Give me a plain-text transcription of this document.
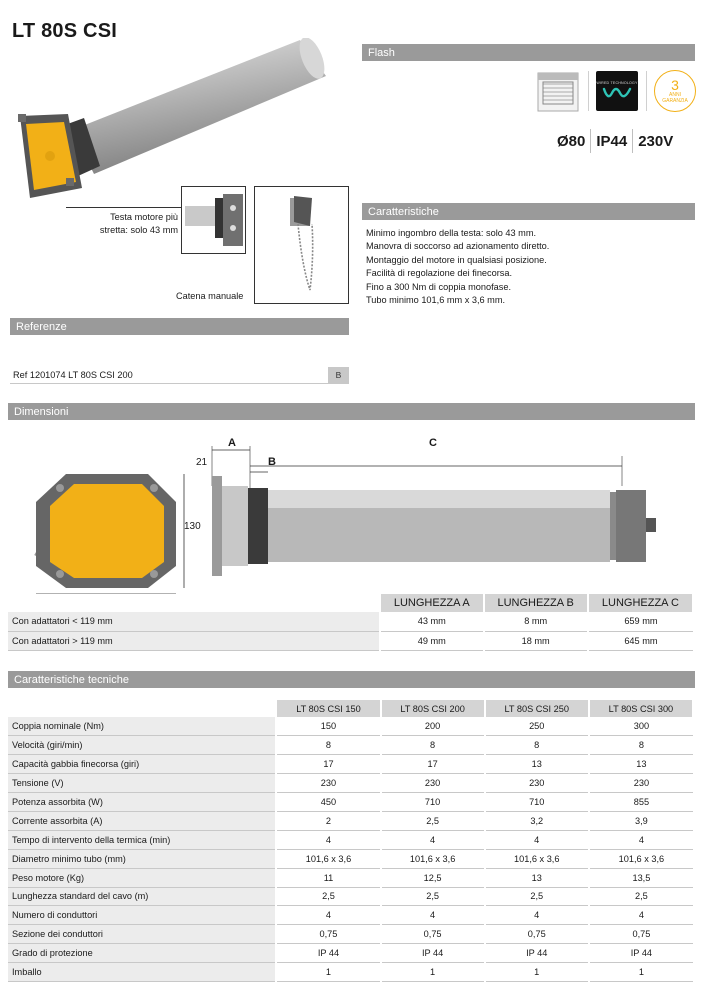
LT 80S CSI
Testa motore più
stretta: solo 43 mm
Catena manuale
Flash
WIRED TECHNOLOGY 3
ANNI
GARANZIA
Ø80 IP44 230V
Caratteristiche
Minimo ingombro della testa: solo 43 mm.
Manovra di soccorso ad azionamento diretto.
Montaggio del motore in qualsiasi posizione.
Facilità di regolazione dei finecorsa.
Fino a 300 Nm di coppia monofase.
Tubo minimo 101,6 mm x 3,6 mm.
Referenze
Ref 1201074 LT 80S CSI 200	B
Dimensioni
130
21
A
B
C
	LUNGHEZZA A	LUNGHEZZA B	LUNGHEZZA C
Con adattatori < 119 mm	43 mm	8 mm	659 mm
Con adattatori > 119 mm	49 mm	18 mm	645 mm
Caratteristiche tecniche
	LT 80S CSI 150	LT 80S CSI 200	LT 80S CSI 250	LT 80S CSI 300
Coppia nominale (Nm)	150	200	250	300
Velocità (giri/min)	8	8	8	8
Capacità gabbia finecorsa (giri)	17	17	13	13
Tensione (V)	230	230	230	230
Potenza assorbita (W)	450	710	710	855
Corrente assorbita (A)	2	2,5	3,2	3,9
Tempo di intervento della termica (min)	4	4	4	4
Diametro minimo tubo (mm)	101,6 x 3,6	101,6 x 3,6	101,6 x 3,6	101,6 x 3,6
Peso motore (Kg)	11	12,5	13	13,5
Lunghezza standard del cavo (m)	2,5	2,5	2,5	2,5
Numero di conduttori	4	4	4	4
Sezione dei conduttori	0,75	0,75	0,75	0,75
Grado di protezione	IP 44	IP 44	IP 44	IP 44
Imballo	1	1	1	1
